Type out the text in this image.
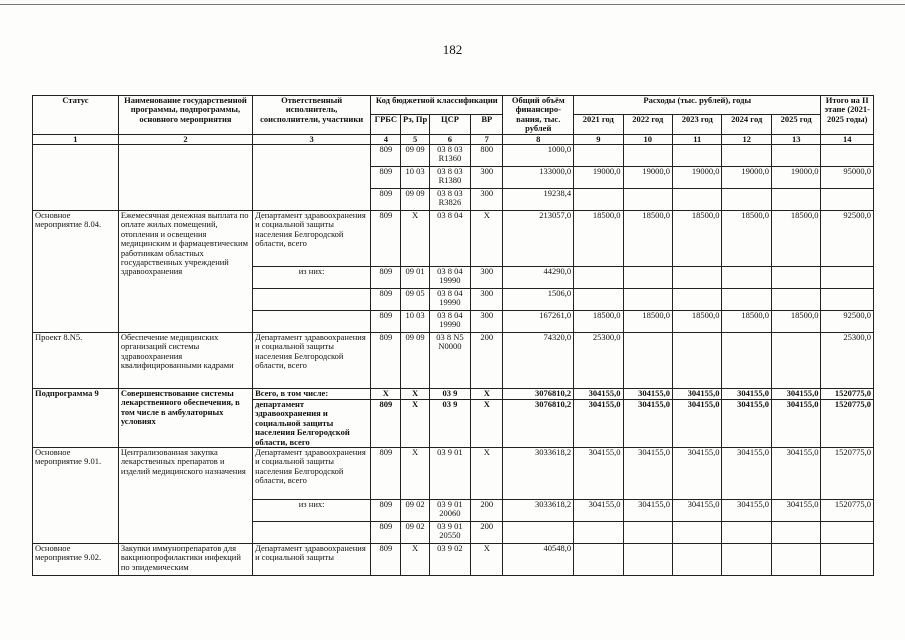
182
Статус	Наименование государственной программы, подпрограммы, основного мероприятия	Ответственный исполнитель, соисполнители, участники	Код бюджетной классификации				Общий объём финансиро-вания, тыс. рублей	Расходы (тыс. рублей), годы					Итого на II этапе (2021-2025 годы)
			ГРБС	Рз, Пр	ЦСР	ВР		2021 год	2022 год	2023 год	2024 год	2025 год	
1	2	3	4	5	6	7	8	9	10	11	12	13	14
			809	09 09	03 8 03 R1360	800	1000,0						
			809	10 03	03 8 03 R1380	300	133000,0	19000,0	19000,0	19000,0	19000,0	19000,0	95000,0
			809	09 09	03 8 03 R3826	300	19238,4						
Основное мероприятие 8.04.	Ежемесячная денежная выплата по оплате жилых помещений, отопления и освещения медицинским и фармацевтическим работникам областных государственных учреждений здравоохранения	Департамент здравоохранения и социальной защиты населения Белгородской области, всего	809	Х	03 8 04	Х	213057,0	18500,0	18500,0	18500,0	18500,0	18500,0	92500,0
		из них:	809	09 01	03 8 04 19990	300	44290,0						
			809	09 05	03 8 04 19990	300	1506,0						
			809	10 03	03 8 04 19990	300	167261,0	18500,0	18500,0	18500,0	18500,0	18500,0	92500,0
Проект 8.N5.	Обеспечение медицинских организаций системы здравоохранения квалифицированными кадрами	Департамент здравоохранения и социальной защиты населения Белгородской области, всего	809	09 09	03 8 N5 N0000	200	74320,0	25300,0					25300,0
Подпрограмма 9	Совершенствование системы лекарственного обеспечения, в том числе в амбулаторных условиях	Всего, в том числе:	Х	Х	03 9	Х	3076810,2	304155,0	304155,0	304155,0	304155,0	304155,0	1520775,0
		департамент здравоохранения и социальной защиты населения Белгородской области, всего	809	Х	03 9	Х	3076810,2	304155,0	304155,0	304155,0	304155,0	304155,0	1520775,0
Основное мероприятие 9.01.	Централизованная закупка лекарственных препаратов и изделий медицинского назначения	Департамент здравоохранения и социальной защиты населения Белгородской области, всего	809	Х	03 9 01	Х	3033618,2	304155,0	304155,0	304155,0	304155,0	304155,0	1520775,0
		из них:	809	09 02	03 9 01 20060	200	3033618,2	304155,0	304155,0	304155,0	304155,0	304155,0	1520775,0
			809	09 02	03 9 01 20550	200							
Основное мероприятие 9.02.	Закупки иммунопрепаратов для вакцинопрофилактики инфекций по эпидемическим	Департамент здравоохранения и социальной защиты	809	Х	03 9 02	Х	40548,0						
